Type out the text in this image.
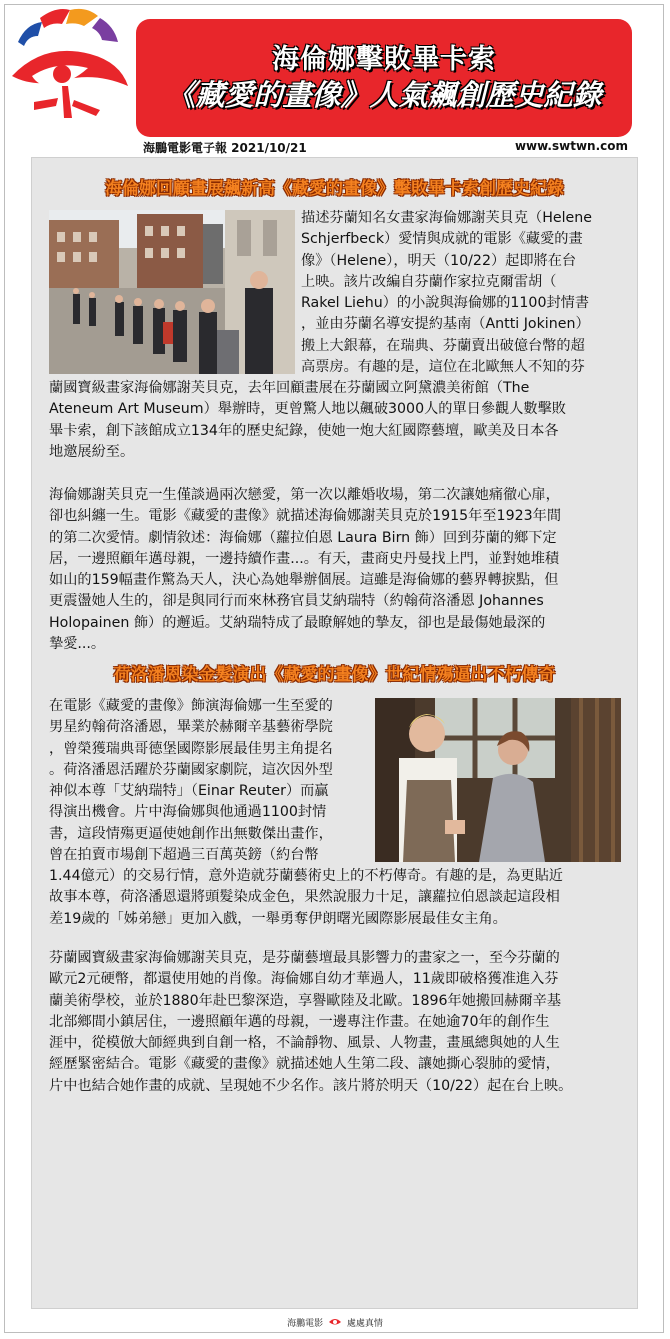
海倫娜擊敗畢卡索
《藏愛的畫像》人氣飆創歷史紀錄
海鵬電影電子報 2021/10/21	www.swtwn.com
海倫娜回顧畫展飆新高《藏愛的畫像》擊敗畢卡索創歷史紀錄
描述芬蘭知名女畫家海倫娜謝芙貝克（Helene
Schjerfbeck）愛情與成就的電影《藏愛的畫
像》（Helene），明天（10/22）起即將在台
上映。該片改編自芬蘭作家拉克爾雷胡（
Rakel Liehu）的小說與海倫娜的1100封情書
，並由芬蘭名導安提約基南（Antti Jokinen）
搬上大銀幕，在瑞典、芬蘭賣出破億台幣的超
高票房。有趣的是，這位在北歐無人不知的芬
蘭國寶級畫家海倫娜謝芙貝克，去年回顧畫展在芬蘭國立阿黛濃美術館（The
Ateneum Art Museum）舉辦時，更曾驚人地以飆破3000人的單日參觀人數擊敗
畢卡索，創下該館成立134年的歷史紀錄，使她一炮大紅國際藝壇，歐美及日本各
地邀展紛至。
海倫娜謝芙貝克一生僅談過兩次戀愛，第一次以離婚收場，第二次讓她痛徹心扉，
卻也糾纏一生。電影《藏愛的畫像》就描述海倫娜謝芙貝克於1915年至1923年間
的第二次愛情。劇情敘述：海倫娜（蘿拉伯恩 Laura Birn 飾）回到芬蘭的鄉下定
居，一邊照顧年邁母親，一邊持續作畫...。有天，畫商史丹曼找上門，並對她堆積
如山的159幅畫作驚為天人，決心為她舉辦個展。這雖是海倫娜的藝界轉捩點，但
更震盪她人生的，卻是與同行而來林務官員艾納瑞特（約翰荷洛潘恩 Johannes
Holopainen 飾）的邂逅。艾納瑞特成了最瞭解她的摯友，卻也是最傷她最深的
摯愛...。
荷洛潘恩染金髮演出《藏愛的畫像》世紀情殤逼出不朽傳奇
在電影《藏愛的畫像》飾演海倫娜一生至愛的
男星約翰荷洛潘恩，畢業於赫爾辛基藝術學院
，曾榮獲瑞典哥德堡國際影展最佳男主角提名
。荷洛潘恩活躍於芬蘭國家劇院，這次因外型
神似本尊「艾納瑞特」（Einar Reuter）而贏
得演出機會。片中海倫娜與他通過1100封情
書，這段情殤更逼使她創作出無數傑出畫作，
曾在拍賣市場創下超過三百萬英鎊（約台幣
1.44億元）的交易行情，意外造就芬蘭藝術史上的不朽傳奇。有趣的是，為更貼近
故事本尊，荷洛潘恩還將頭髮染成金色，果然說服力十足，讓蘿拉伯恩談起這段相
差19歲的「姊弟戀」更加入戲，一舉勇奪伊朗曙光國際影展最佳女主角。
芬蘭國寶級畫家海倫娜謝芙貝克，是芬蘭藝壇最具影響力的畫家之一，至今芬蘭的
歐元2元硬幣，都還使用她的肖像。海倫娜自幼才華過人，11歲即破格獲准進入芬
蘭美術學校，並於1880年赴巴黎深造，享譽歐陸及北歐。1896年她搬回赫爾辛基
北部鄉間小鎮居住，一邊照顧年邁的母親，一邊專注作畫。在她逾70年的創作生
涯中，從模倣大師經典到自創一格，不論靜物、風景、人物畫，畫風總與她的人生
經歷緊密結合。電影《藏愛的畫像》就描述她人生第二段、讓她撕心裂肺的愛情，
片中也結合她作畫的成就、呈現她不少名作。該片將於明天（10/22）起在台上映。
海鵬電影	處處真情
